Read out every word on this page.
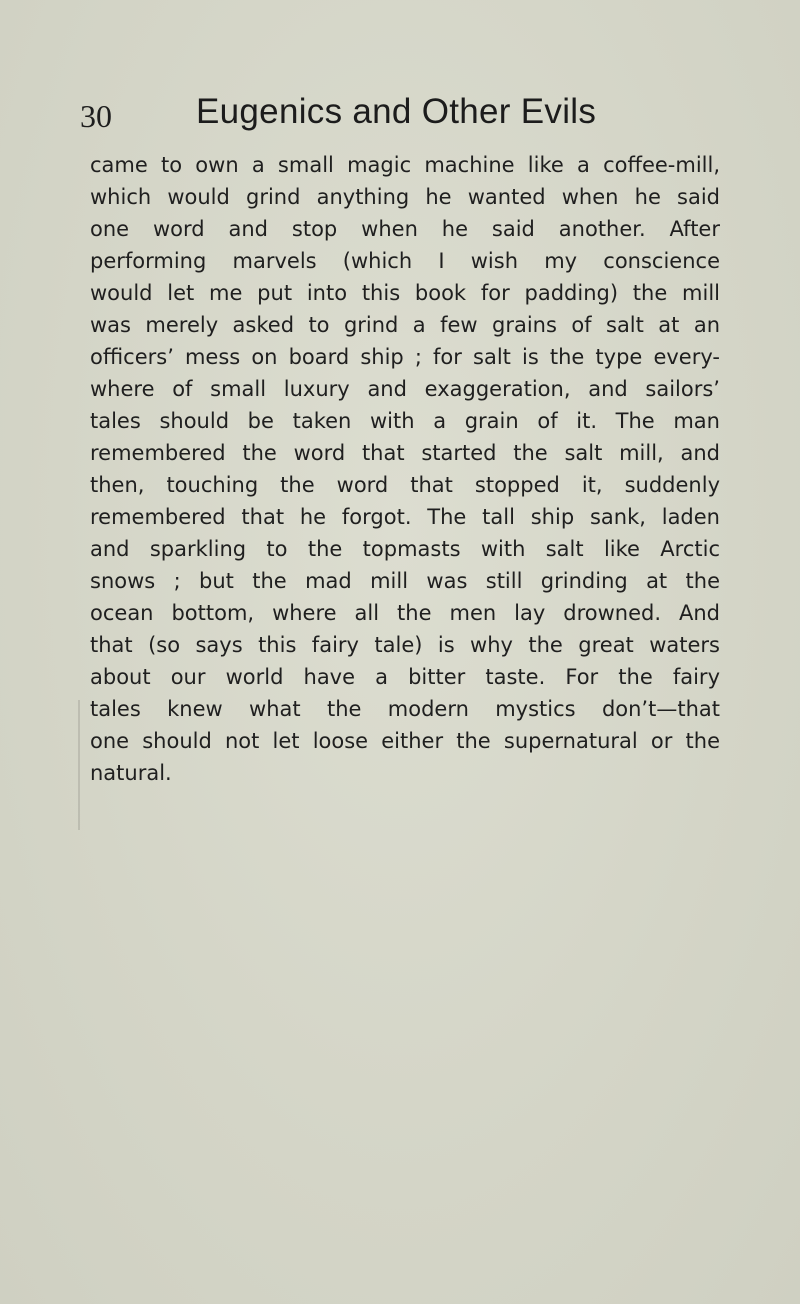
30 Eugenics and Other Evils
came to own a small magic machine like a coffee-mill,
which would grind anything he wanted when he said
one word and stop when he said another. After
performing marvels (which I wish my conscience
would let me put into this book for padding) the mill
was merely asked to grind a few grains of salt at an
officers’ mess on board ship ; for salt is the type every-
where of small luxury and exaggeration, and sailors’
tales should be taken with a grain of it. The man
remembered the word that started the salt mill, and
then, touching the word that stopped it, suddenly
remembered that he forgot. The tall ship sank, laden
and sparkling to the topmasts with salt like Arctic
snows ; but the mad mill was still grinding at the
ocean bottom, where all the men lay drowned. And
that (so says this fairy tale) is why the great waters
about our world have a bitter taste. For the fairy
tales knew what the modern mystics don’t—that
one should not let loose either the supernatural or the
natural.
